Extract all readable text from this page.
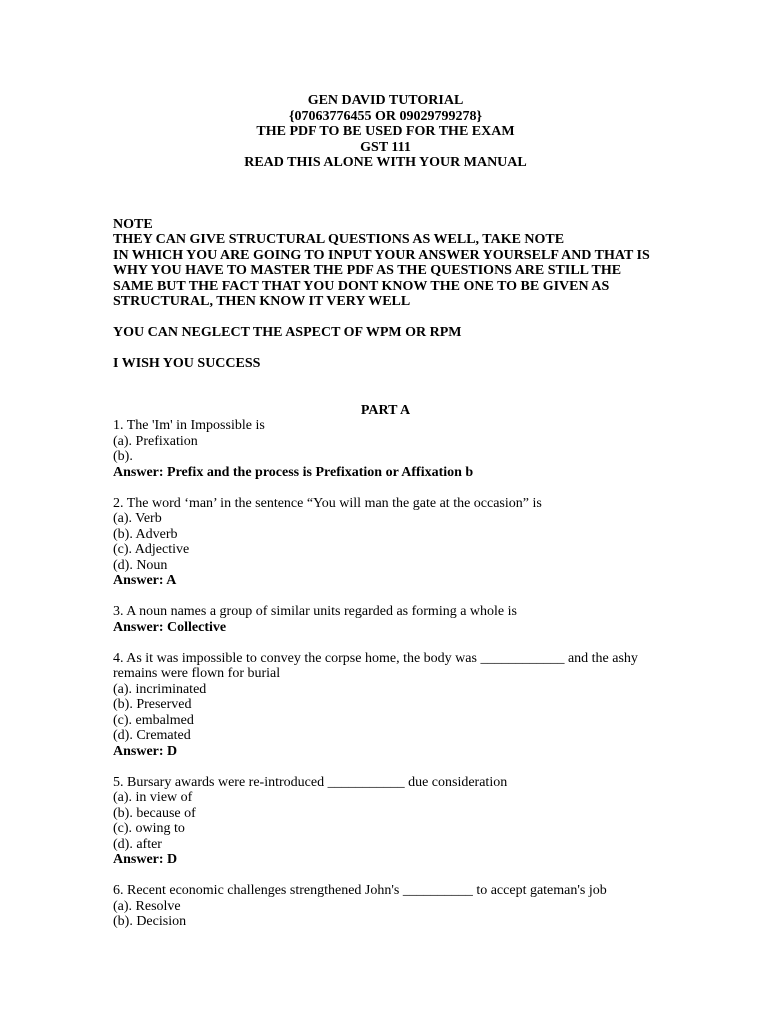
GEN DAVID TUTORIAL
{07063776455 OR 09029799278}
THE PDF TO BE USED FOR THE EXAM
GST 111
READ THIS ALONE WITH YOUR MANUAL
NOTE
THEY CAN GIVE STRUCTURAL QUESTIONS AS WELL, TAKE NOTE
IN WHICH YOU ARE GOING TO INPUT YOUR ANSWER YOURSELF AND THAT IS
WHY YOU HAVE TO MASTER THE PDF AS THE QUESTIONS ARE STILL THE
SAME BUT THE FACT THAT YOU DONT KNOW THE ONE TO BE GIVEN AS
STRUCTURAL, THEN KNOW IT VERY WELL
YOU CAN NEGLECT THE ASPECT OF WPM OR RPM
I WISH YOU SUCCESS
PART A
1. The 'Im' in Impossible is
(a). Prefixation
(b).
Answer: Prefix and the process is Prefixation or Affixation b
2. The word ‘man’ in the sentence “You will man the gate at the occasion” is
(a). Verb
(b). Adverb
(c). Adjective
(d). Noun
Answer: A
3. A noun names a group of similar units regarded as forming a whole is
Answer: Collective
4. As it was impossible to convey the corpse home, the body was ____________ and the ashy remains were flown for burial
(a). incriminated
(b). Preserved
(c). embalmed
(d). Cremated
Answer: D
5. Bursary awards were re-introduced ___________ due consideration
(a). in view of
(b). because of
(c). owing to
(d). after
Answer: D
6. Recent economic challenges strengthened John's __________ to accept gateman's job
(a). Resolve
(b). Decision
